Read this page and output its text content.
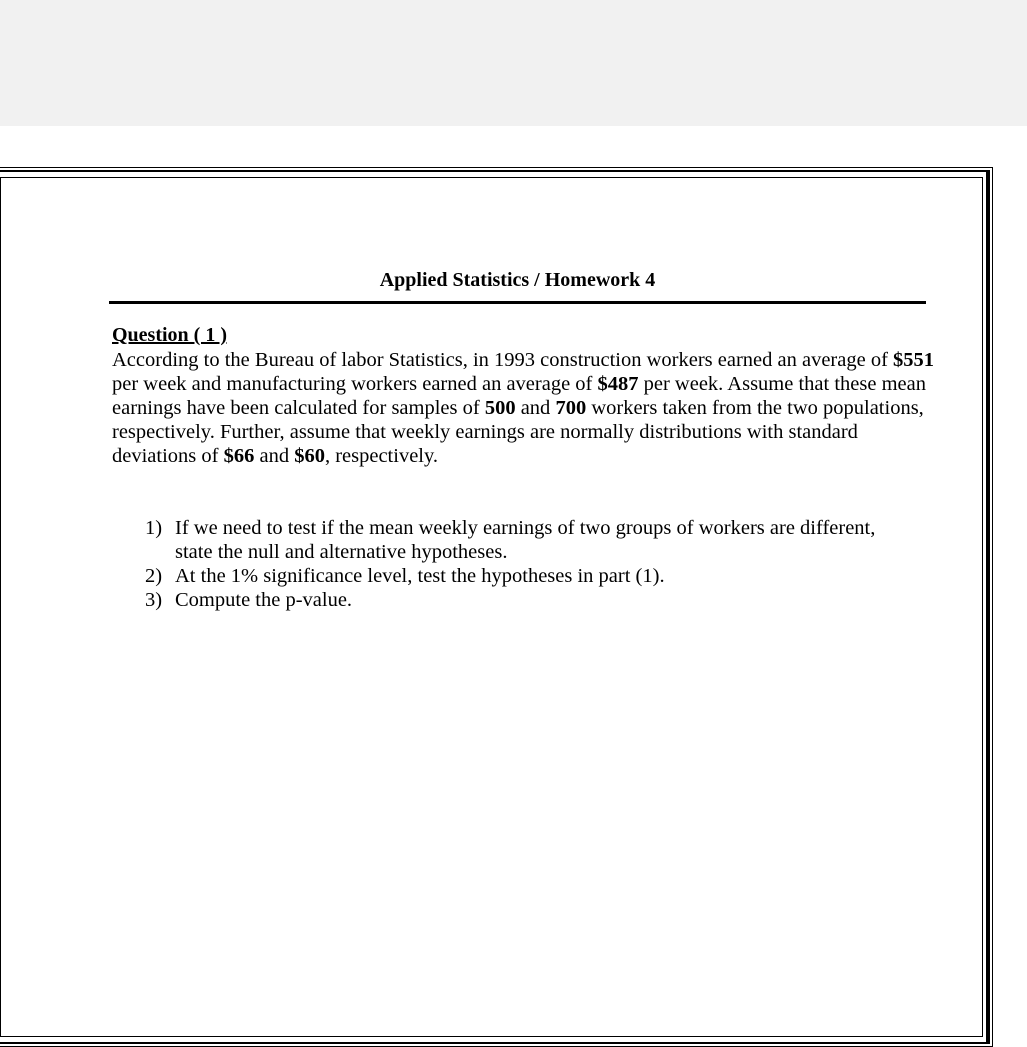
Applied Statistics / Homework 4
Question ( 1 )

According to the Bureau of labor Statistics, in 1993 construction workers earned an average of $551 per week and manufacturing workers earned an average of $487 per week. Assume that these mean earnings have been calculated for samples of 500 and 700 workers taken from the two populations, respectively. Further, assume that weekly earnings are normally distributions with standard deviations of $66 and $60, respectively.

1) If we need to test if the mean weekly earnings of two groups of workers are different, state the null and alternative hypotheses.
2) At the 1% significance level, test the hypotheses in part (1).
3) Compute the p-value.
